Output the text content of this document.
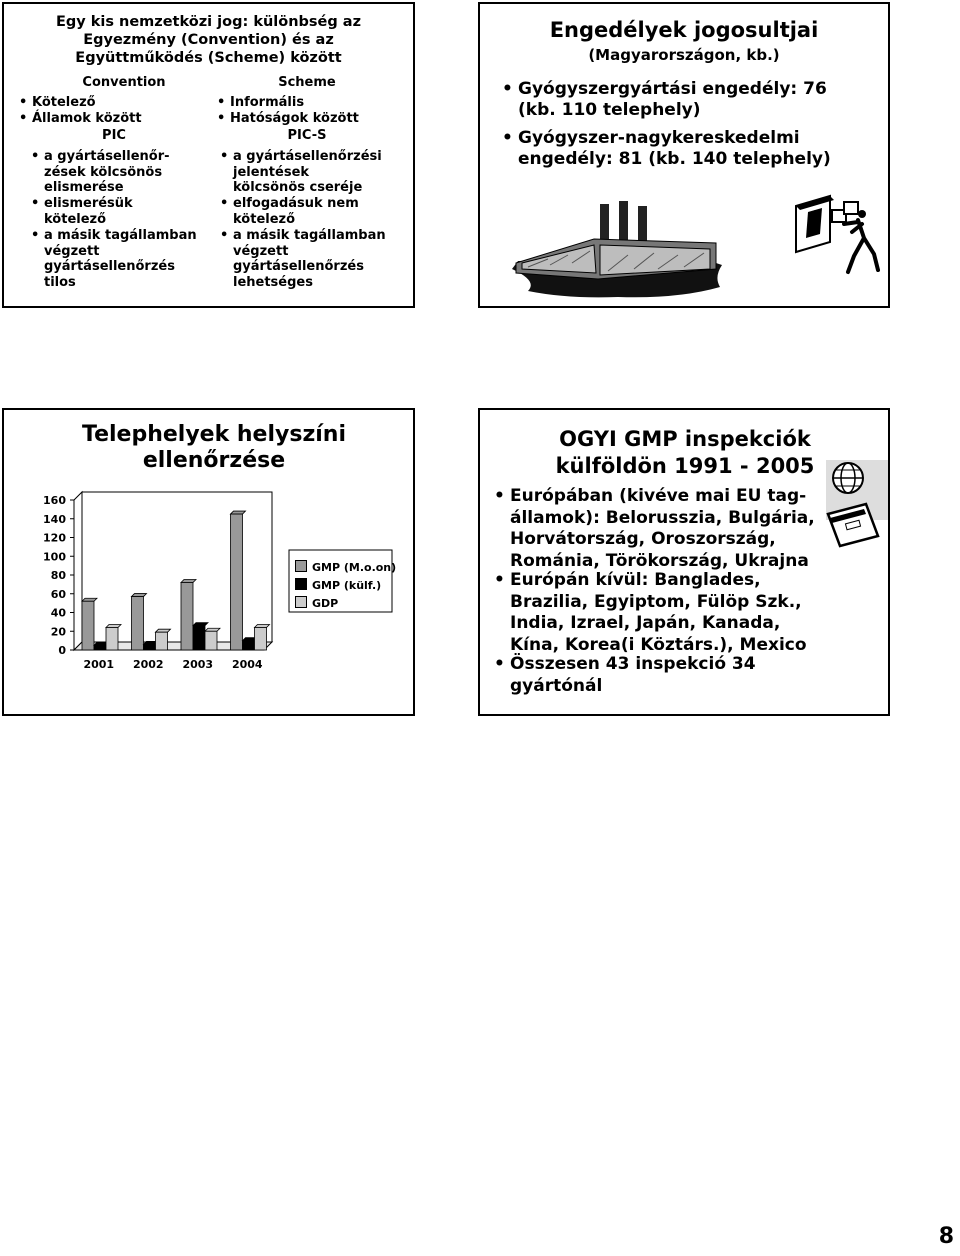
Egy kis nemzetközi jog: különbség az
Egyezmény (Convention) és az
Együttműködés (Scheme) között
Convention	Scheme
• Kötelező
• Államok között
• Informális
• Hatóságok között
PIC	PIC-S
• a gyártásellenőr-
zések kölcsönös
elismerése
• elismerésük
kötelező
• a másik tagállamban
végzett
gyártásellenőrzés
tilos
• a gyártásellenőrzési
jelentések
kölcsönös cseréje
• elfogadásuk nem
kötelező
• a másik tagállamban
végzett
gyártásellenőrzés
lehetséges
Engedélyek jogosultjai
(Magyarországon, kb.)
• Gyógyszergyártási engedély: 76
(kb. 110 telephely)
• Gyógyszer-nagykereskedelmi
engedély: 81 (kb. 140 telephely)
Telephelyek helyszíni
ellenőrzése
0
20
40
60
80
100
120
140
160
2001 2002 2003 2004
GMP (M.o.on)
GMP (külf.)
GDP
OGYI GMP inspekciók
külföldön 1991 - 2005
• Európában (kivéve mai EU tag-
államok): Belorusszia, Bulgária,
Horvátország, Oroszország,
Románia, Törökország, Ukrajna
• Európán kívül: Banglades,
Brazilia, Egyiptom, Fülöp Szk.,
India, Izrael, Japán, Kanada,
Kína, Korea(i Köztárs.), Mexico
• Összesen 43 inspekció 34
gyártónál
8
